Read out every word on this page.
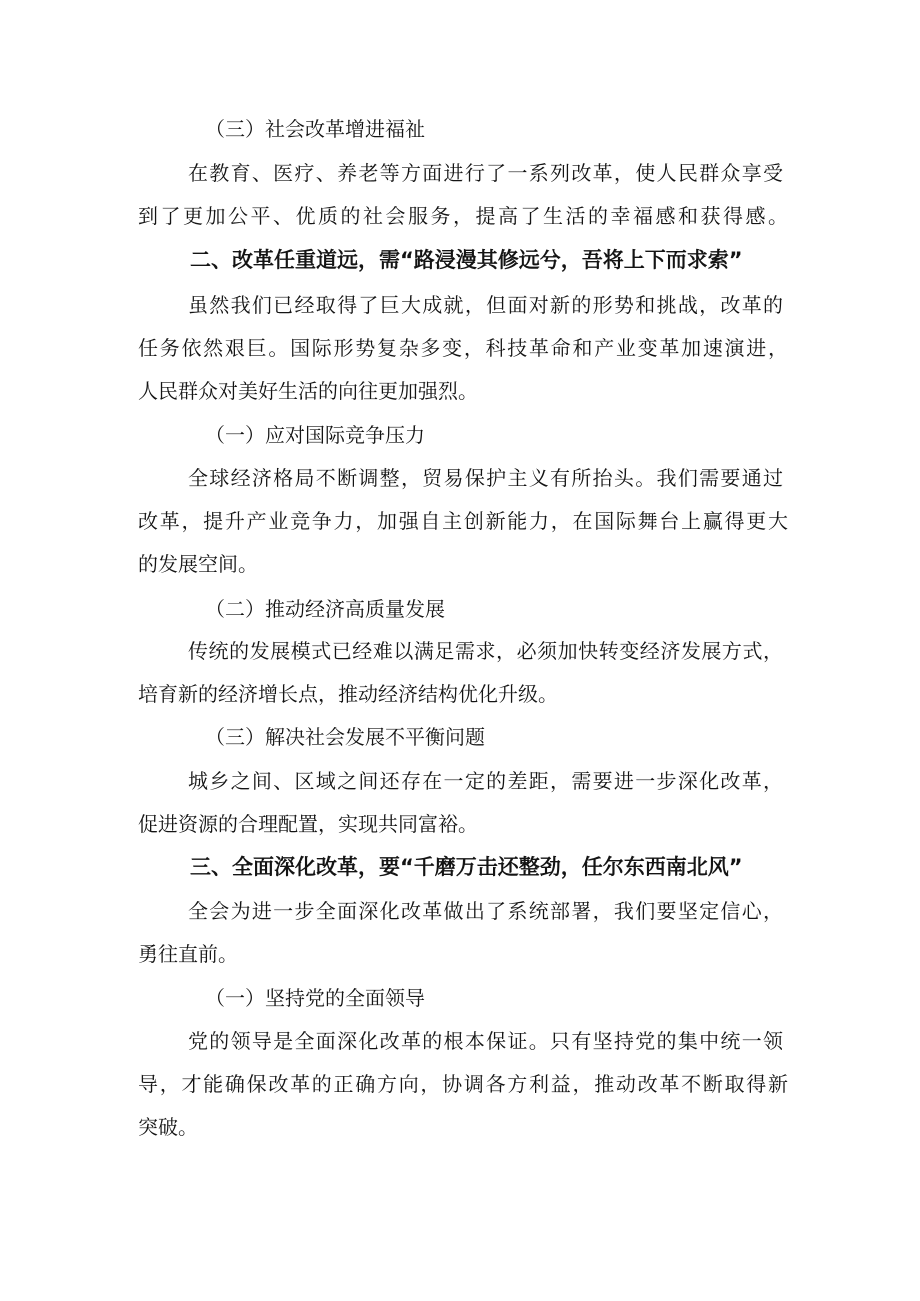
（三）社会改革增进福祉
在教育、医疗、养老等方面进行了一系列改革，使人民群众享受
到了更加公平、优质的社会服务，提高了生活的幸福感和获得感。
二、改革任重道远，需“路浸漫其修远兮，吾将上下而求索”
虽然我们已经取得了巨大成就，但面对新的形势和挑战，改革的
任务依然艰巨。国际形势复杂多变，科技革命和产业变革加速演进，
人民群众对美好生活的向往更加强烈。
（一）应对国际竞争压力
全球经济格局不断调整，贸易保护主义有所抬头。我们需要通过
改革，提升产业竞争力，加强自主创新能力，在国际舞台上赢得更大
的发展空间。
（二）推动经济高质量发展
传统的发展模式已经难以满足需求，必须加快转变经济发展方式，
培育新的经济增长点，推动经济结构优化升级。
（三）解决社会发展不平衡问题
城乡之间、区域之间还存在一定的差距，需要进一步深化改革，
促进资源的合理配置，实现共同富裕。
三、全面深化改革，要“千磨万击还整劲，任尔东西南北风”
全会为进一步全面深化改革做出了系统部署，我们要坚定信心，
勇往直前。
（一）坚持党的全面领导
党的领导是全面深化改革的根本保证。只有坚持党的集中统一领
导，才能确保改革的正确方向，协调各方利益，推动改革不断取得新
突破。
